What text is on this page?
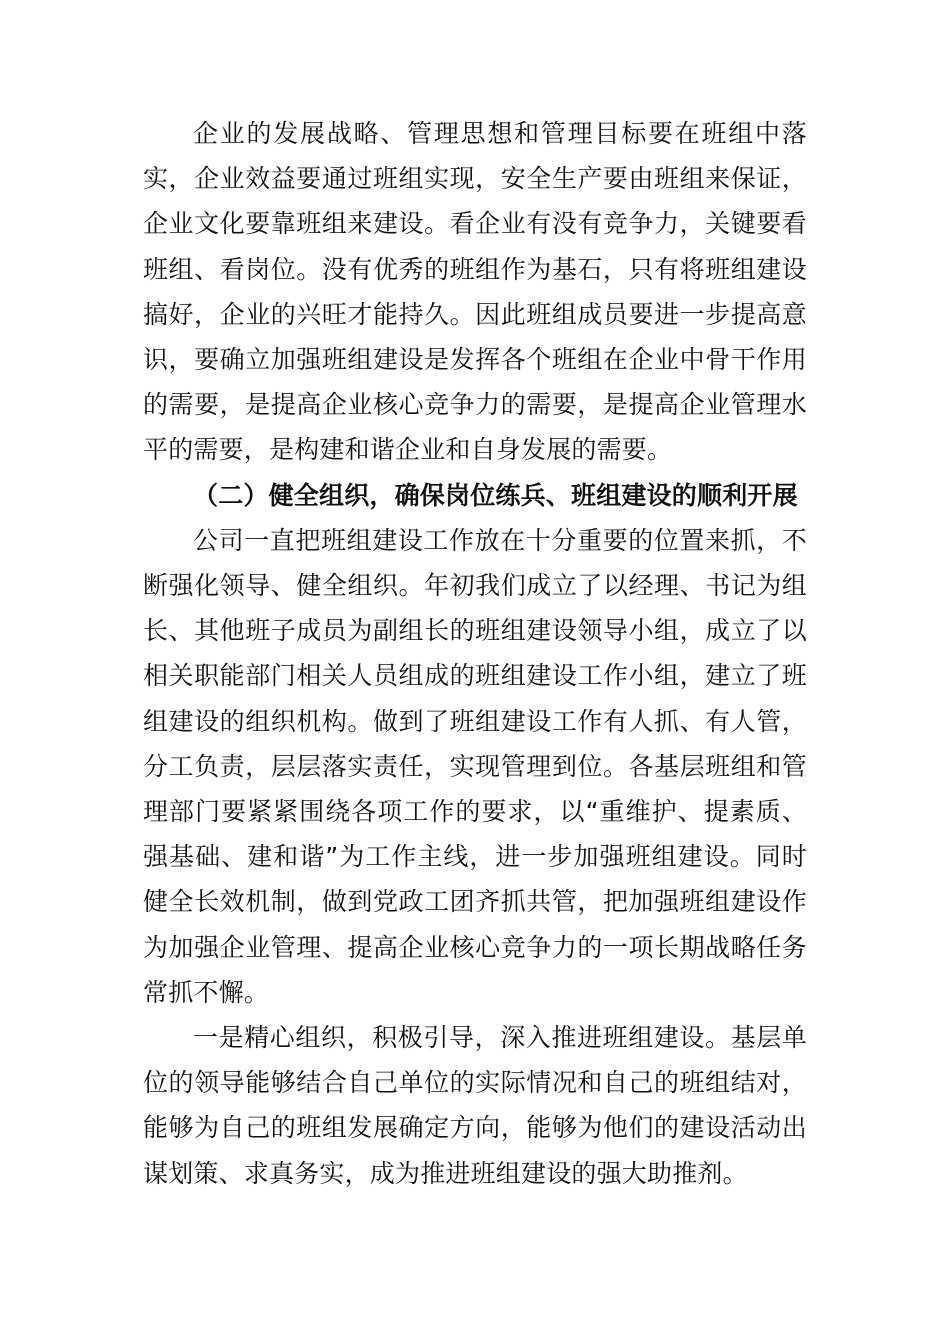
企业的发展战略、管理思想和管理目标要在班组中落实，企业效益要通过班组实现，安全生产要由班组来保证，企业文化要靠班组来建设。看企业有没有竞争力，关键要看班组、看岗位。没有优秀的班组作为基石，只有将班组建设搞好，企业的兴旺才能持久。因此班组成员要进一步提高意识，要确立加强班组建设是发挥各个班组在企业中骨干作用的需要，是提高企业核心竞争力的需要，是提高企业管理水平的需要，是构建和谐企业和自身发展的需要。

（二）健全组织，确保岗位练兵、班组建设的顺利开展

公司一直把班组建设工作放在十分重要的位置来抓，不断强化领导、健全组织。年初我们成立了以经理、书记为组长、其他班子成员为副组长的班组建设领导小组，成立了以相关职能部门相关人员组成的班组建设工作小组，建立了班组建设的组织机构。做到了班组建设工作有人抓、有人管，分工负责，层层落实责任，实现管理到位。各基层班组和管理部门要紧紧围绕各项工作的要求，以“重维护、提素质、强基础、建和谐”为工作主线，进一步加强班组建设。同时健全长效机制，做到党政工团齐抓共管，把加强班组建设作为加强企业管理、提高企业核心竞争力的一项长期战略任务常抓不懈。

一是精心组织，积极引导，深入推进班组建设。基层单位的领导能够结合自己单位的实际情况和自己的班组结对，能够为自己的班组发展确定方向，能够为他们的建设活动出谋划策、求真务实，成为推进班组建设的强大助推剂。
